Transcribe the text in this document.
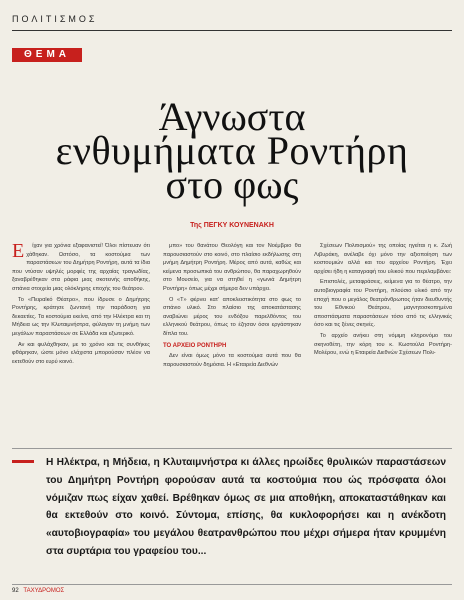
ΠΟΛΙΤΙΣΜΟΣ
ΘΕΜΑ
Άγνωστα
ενθυμήματα Ροντήρη
στο φως
Της ΠΕΓΚΥ ΚΟΥΝΕΝΑΚΗ

Ε ίχαν για χρόνια εξαφανιστεί! Όλοι πίστευαν ότι χάθηκαν. Ωστόσο, τα κοστούμια των παραστάσεων του Δημήτρη Ροντήρη, αυτά τα ίδια που ντύσαν υψηλές μορφές της αρχαίας τραγωδίας, ξαναβρέθηκαν στα ράφια μιας σκοτεινής αποθήκης, σπάνια στοιχεία μιας ολόκληρης εποχής του θεάτρου.

Το «Πειραϊκό Θέατρο», που ίδρυσε ο Δημήτρης Ροντήρης, κράτησε ζωντανή την παράδοση για δεκαετίες. Τα κοστούμια εκείνα, από την Ηλέκτρα και τη Μήδεια ως την Κλυταιμνήστρα, φύλαγαν τη μνήμη των μεγάλων παραστάσεων σε Ελλάδα και εξωτερικό.

Αν και φυλάχθηκαν, με το χρόνο και τις συνθήκες φθάρηκαν, ώστε μόνο ελάχιστα μπορούσαν πλέον να εκτεθούν στο ευρύ κοινό.

μπο» του θανάτου Θεολόγη και τον Νοέμβριο θα παρουσιαστούν στο κοινό, στο πλαίσιο εκδήλωσης στη μνήμη Δημήτρη Ροντήρη. Μέρος από αυτά, καθώς και κείμενα προσωπικά του ανθρώπου, θα παραχωρηθούν στο Μουσείο, για να στηθεί η «γωνιά Δημήτρη Ροντήρη» όπως μέχρι σήμερα δεν υπάρχει.

Ο «Τ» φέρνει κατ' αποκλειστικότητα στο φως το σπάνιο υλικό. Στο πλαίσιο της αποκατάστασης αναβιώνει μέρος του ενδόξου παρελθόντος του ελληνικού θεάτρου, όπως το έζησαν όσοι εργάστηκαν δίπλα του.

ΤΟ ΑΡΧΕΙΟ ΡΟΝΤΗΡΗ

Δεν είναι όμως μόνο τα κοστούμια αυτά που θα παρουσιαστούν δημόσια. Η «Εταιρεία Διεθνών

Σχέσεων Πολιτισμού» της οποίας ηγείται η κ. Ζωή Λιβυράκη, ανέλαβε όχι μόνο την αξιοποίηση των κοστουμιών αλλά και του αρχείου Ροντήρη. Έχει αρχίσει ήδη η καταγραφή του υλικού που περιλαμβάνει:

Επιστολές, μεταφράσεις, κείμενα για το θέατρο, την αυτοβιογραφία του Ροντήρη, πλούσιο υλικό από την εποχή που ο μεγάλος θεατράνθρωπος ήταν διευθυντής του Εθνικού Θεάτρου, μαγνητοσκοπημένα αποσπάσματα παραστάσεων τόσο από τις ελληνικές όσο και τις ξένες σκηνές.

Το αρχείο ανήκει στη νόμιμη κληρονόμο του σκηνοθέτη, την κόρη του κ. Κωστούλα Ροντήρη-Μολέρου, ενώ η Εταιρεία Διεθνών Σχέσεων Πολι-

Η Ηλέκτρα, η Μήδεια, η Κλυταιμνήστρα κι άλλες ηρωίδες θρυλικών παραστάσεων του Δημήτρη Ροντήρη φορούσαν αυτά τα κοστούμια που ώς πρόσφατα όλοι νόμιζαν πως είχαν χαθεί. Βρέθηκαν όμως σε μια αποθήκη, αποκαταστάθηκαν και θα εκτεθούν στο κοινό. Σύντομα, επίσης, θα κυκλοφορήσει και η ανέκδοτη «αυτοβιογραφία» του μεγάλου θεατρανθρώπου που μέχρι σήμερα ήταν κρυμμένη στα συρτάρια του γραφείου του...
92 ΤΑΧΥΔΡΟΜΟΣ
